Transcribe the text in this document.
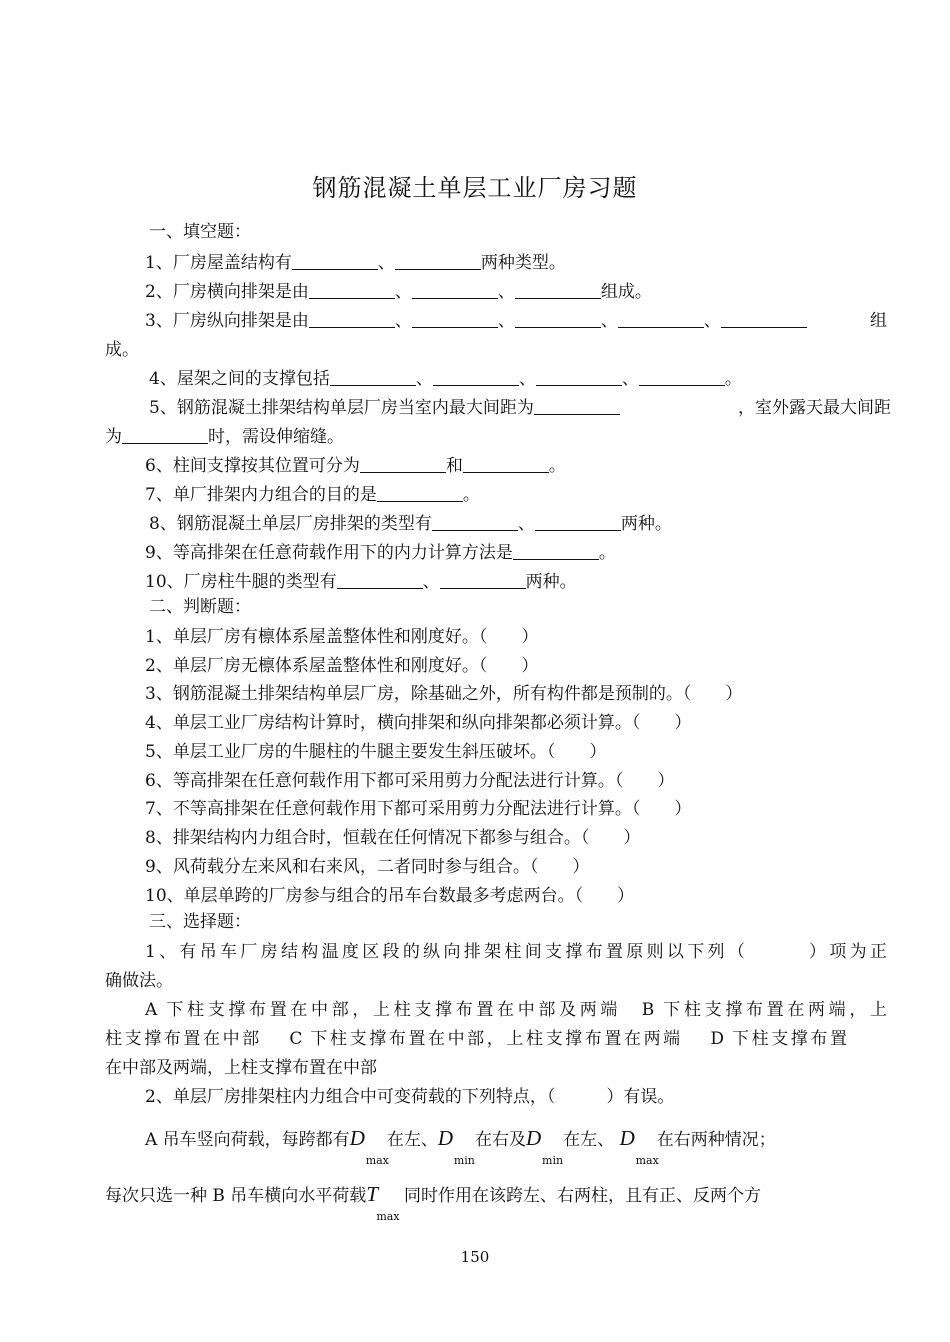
钢筋混凝土单层工业厂房习题
一、填空题：
1、厂房屋盖结构有	、	两种类型。
2、厂房横向排架是由	、	、	组成。
3、厂房纵向排架是由	、	、	、	、	组
成。
4、屋架之间的支撑包括	、	、	、	。
5、钢筋混凝土排架结构单层厂房当室内最大间距为	，室外露天最大间距
为	时，需设伸缩缝。
6、柱间支撑按其位置可分为	和	。
7、单厂排架内力组合的目的是	。
8、钢筋混凝土单层厂房排架的类型有	、	两种。
9、等高排架在任意荷载作用下的内力计算方法是	。
10、厂房柱牛腿的类型有	、	两种。
二、判断题：
1、单层厂房有檩体系屋盖整体性和刚度好。（　　）
2、单层厂房无檩体系屋盖整体性和刚度好。（　　）
3、钢筋混凝土排架结构单层厂房，除基础之外，所有构件都是预制的。（　　）
4、单层工业厂房结构计算时，横向排架和纵向排架都必须计算。（　　）
5、单层工业厂房的牛腿柱的牛腿主要发生斜压破坏。（　　）
6、等高排架在任意何载作用下都可采用剪力分配法进行计算。（　　）
7、不等高排架在任意何载作用下都可采用剪力分配法进行计算。（　　）
8、排架结构内力组合时，恒载在任何情况下都参与组合。（　　）
9、风荷载分左来风和右来风，二者同时参与组合。（　　）
10、单层单跨的厂房参与组合的吊车台数最多考虑两台。（　　）
三、选择题：
1、有吊车厂房结构温度区段的纵向排架柱间支撑布置原则以下列（　　　）项为正
确做法。
A 下柱支撑布置在中部，上柱支撑布置在中部及两端　B 下柱支撑布置在两端，上
柱支撑布置在中部　 C 下柱支撑布置在中部，上柱支撑布置在两端　 D 下柱支撑布置
在中部及两端，上柱支撑布置在中部
2、单层厂房排架柱内力组合中可变荷载的下列特点，（　　　）有误。
A 吊车竖向荷载，每跨都有D
max
在左、D
min
在右及D
min
在左、 D
max
在右两种情况；
每次只选一种 B 吊车横向水平荷载T
max
同时作用在该跨左、右两柱，且有正、反两个方
150
